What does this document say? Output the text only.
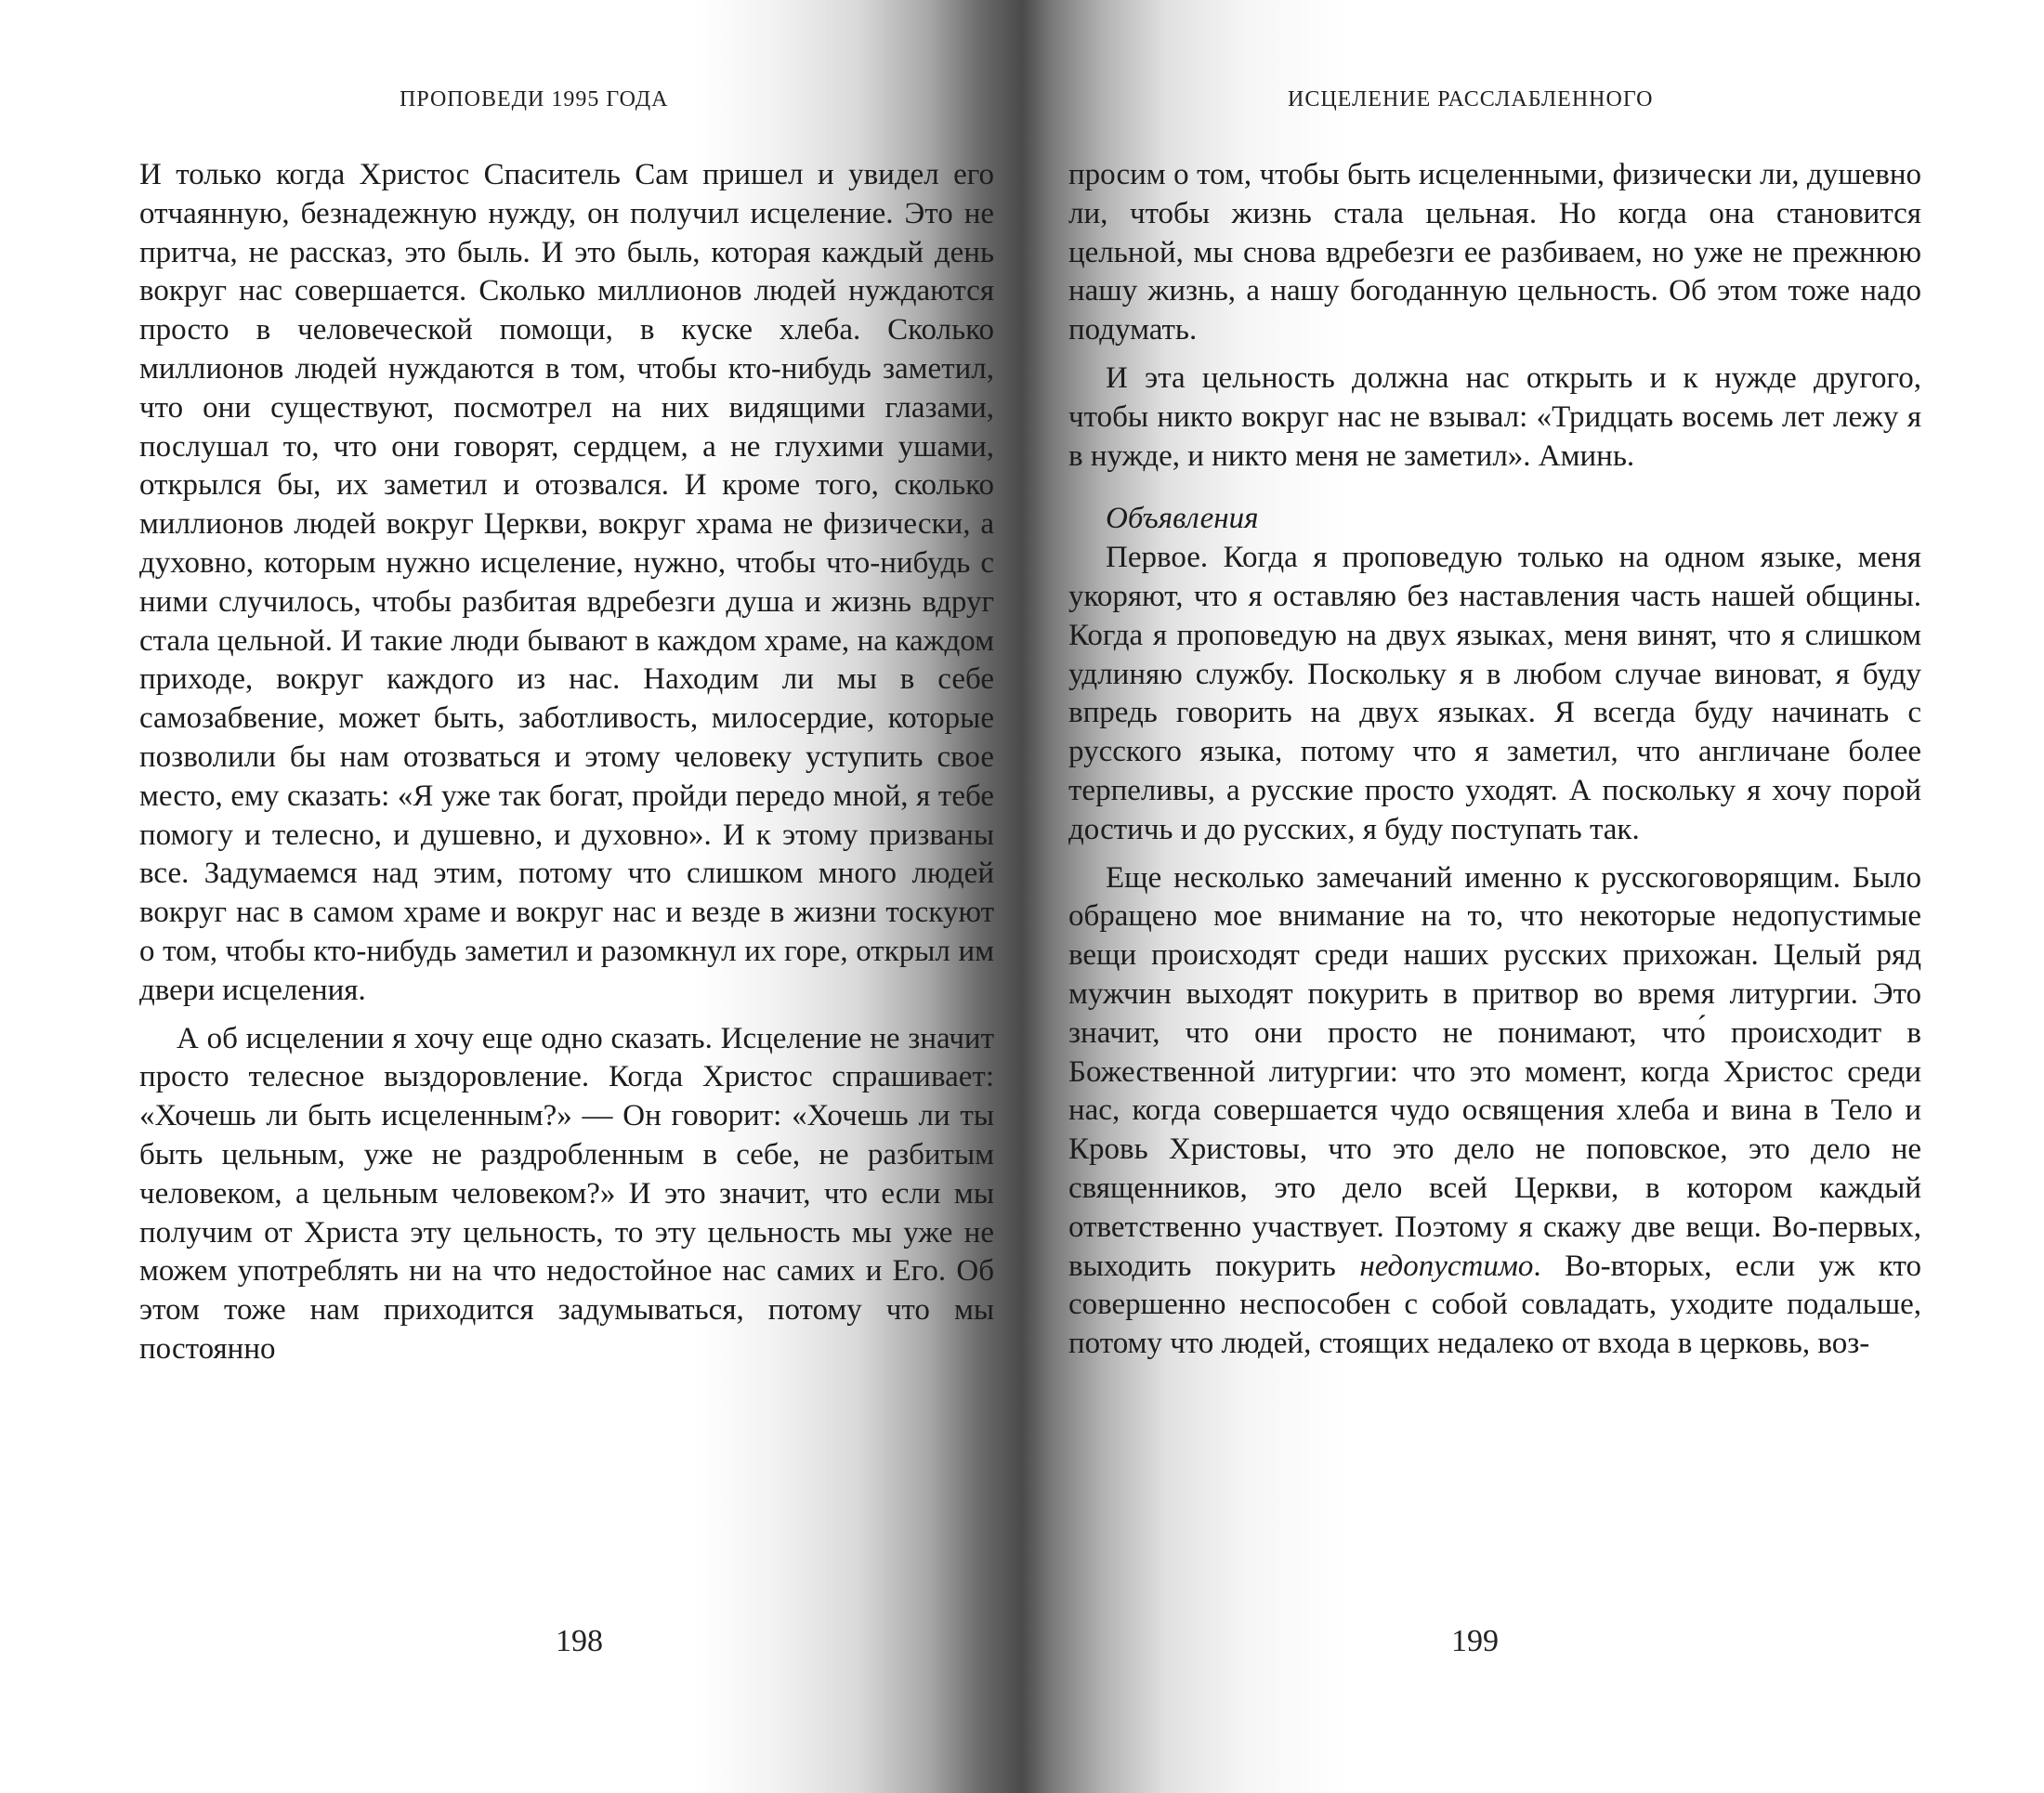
ПРОПОВЕДИ 1995 ГОДА

И только когда Христос Спаситель Сам пришел и увидел его отчаянную, безнадежную нужду, он получил исцеление. Это не притча, не рассказ, это быль. И это быль, которая каждый день вокруг нас совершается. Сколько миллионов людей нуждаются просто в человеческой помощи, в куске хлеба. Сколько миллионов людей нуждаются в том, чтобы кто-нибудь заметил, что они существуют, посмотрел на них видящими глазами, послушал то, что они говорят, сердцем, а не глухими ушами, открылся бы, их заметил и отозвался. И кроме того, сколько миллионов людей вокруг Церкви, вокруг храма не физически, а духовно, которым нужно исцеление, нужно, чтобы что-нибудь с ними случилось, чтобы разбитая вдребезги душа и жизнь вдруг стала цельной. И такие люди бывают в каждом храме, на каждом приходе, вокруг каждого из нас. Находим ли мы в себе самозабвение, может быть, заботливость, милосердие, которые позволили бы нам отозваться и этому человеку уступить свое место, ему сказать: «Я уже так богат, пройди передо мной, я тебе помогу и телесно, и душевно, и духовно». И к этому призваны все. Задумаемся над этим, потому что слишком много людей вокруг нас в самом храме и вокруг нас и везде в жизни тоскуют о том, чтобы кто-нибудь заметил и разомкнул их горе, открыл им двери исцеления.

А об исцелении я хочу еще одно сказать. Исцеление не значит просто телесное выздоровление. Когда Христос спрашивает: «Хочешь ли быть исцеленным?» — Он говорит: «Хочешь ли ты быть цельным, уже не раздробленным в себе, не разбитым человеком, а цельным человеком?» И это значит, что если мы получим от Христа эту цельность, то эту цельность мы уже не можем употреблять ни на что недостойное нас самих и Его. Об этом тоже нам приходится задумываться, потому что мы постоянно

198
ИСЦЕЛЕНИЕ РАССЛАБЛЕННОГО

просим о том, чтобы быть исцеленными, физически ли, душевно ли, чтобы жизнь стала цельная. Но когда она становится цельной, мы снова вдребезги ее разбиваем, но уже не прежнюю нашу жизнь, а нашу богоданную цельность. Об этом тоже надо подумать.

И эта цельность должна нас открыть и к нужде другого, чтобы никто вокруг нас не взывал: «Тридцать восемь лет лежу я в нужде, и никто меня не заметил». Аминь.

Объявления

Первое. Когда я проповедую только на одном языке, меня укоряют, что я оставляю без наставления часть нашей общины. Когда я проповедую на двух языках, меня винят, что я слишком удлиняю службу. Поскольку я в любом случае виноват, я буду впредь говорить на двух языках. Я всегда буду начинать с русского языка, потому что я заметил, что англичане более терпеливы, а русские просто уходят. А поскольку я хочу порой достичь и до русских, я буду поступать так.

Еще несколько замечаний именно к русскоговорящим. Было обращено мое внимание на то, что некоторые недопустимые вещи происходят среди наших русских прихожан. Целый ряд мужчин выходят покурить в притвор во время литургии. Это значит, что они просто не понимают, что́ происходит в Божественной литургии: что это момент, когда Христос среди нас, когда совершается чудо освящения хлеба и вина в Тело и Кровь Христовы, что это дело не поповское, это дело не священников, это дело всей Церкви, в котором каждый ответственно участвует. Поэтому я скажу две вещи. Во-первых, выходить покурить недопустимо. Во-вторых, если уж кто совершенно неспособен с собой совладать, уходите подальше, потому что людей, стоящих недалеко от входа в церковь, воз-

199
